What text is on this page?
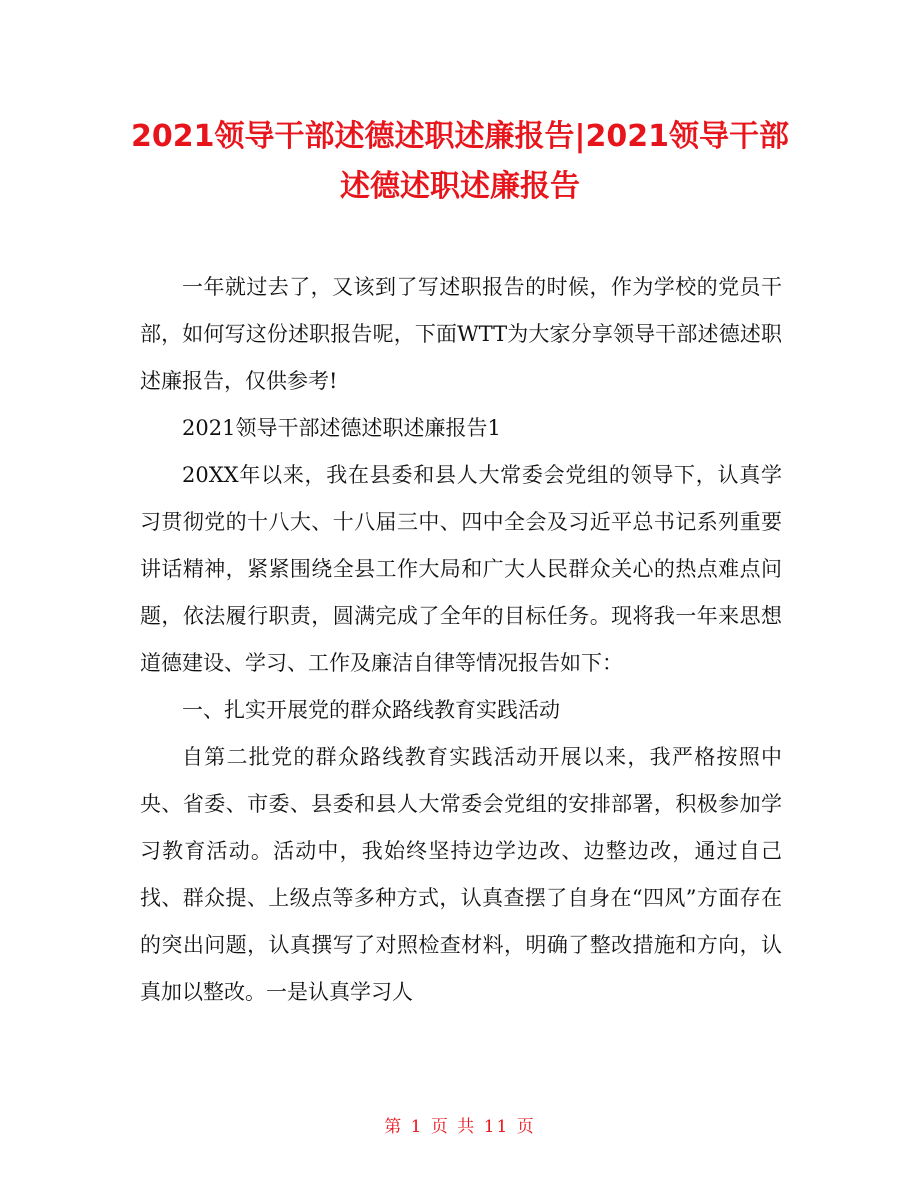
2021领导干部述德述职述廉报告|2021领导干部述德述职述廉报告

一年就过去了，又该到了写述职报告的时候，作为学校的党员干部，如何写这份述职报告呢，下面WTT为大家分享领导干部述德述职述廉报告，仅供参考!

2021领导干部述德述职述廉报告1

20XX年以来，我在县委和县人大常委会党组的领导下，认真学习贯彻党的十八大、十八届三中、四中全会及习近平总书记系列重要讲话精神，紧紧围绕全县工作大局和广大人民群众关心的热点难点问题，依法履行职责，圆满完成了全年的目标任务。现将我一年来思想道德建设、学习、工作及廉洁自律等情况报告如下：

一、扎实开展党的群众路线教育实践活动

自第二批党的群众路线教育实践活动开展以来，我严格按照中央、省委、市委、县委和县人大常委会党组的安排部署，积极参加学习教育活动。活动中，我始终坚持边学边改、边整边改，通过自己找、群众提、上级点等多种方式，认真查摆了自身在“四风”方面存在的突出问题，认真撰写了对照检查材料，明确了整改措施和方向，认真加以整改。一是认真学习人

第 1 页 共 11 页
